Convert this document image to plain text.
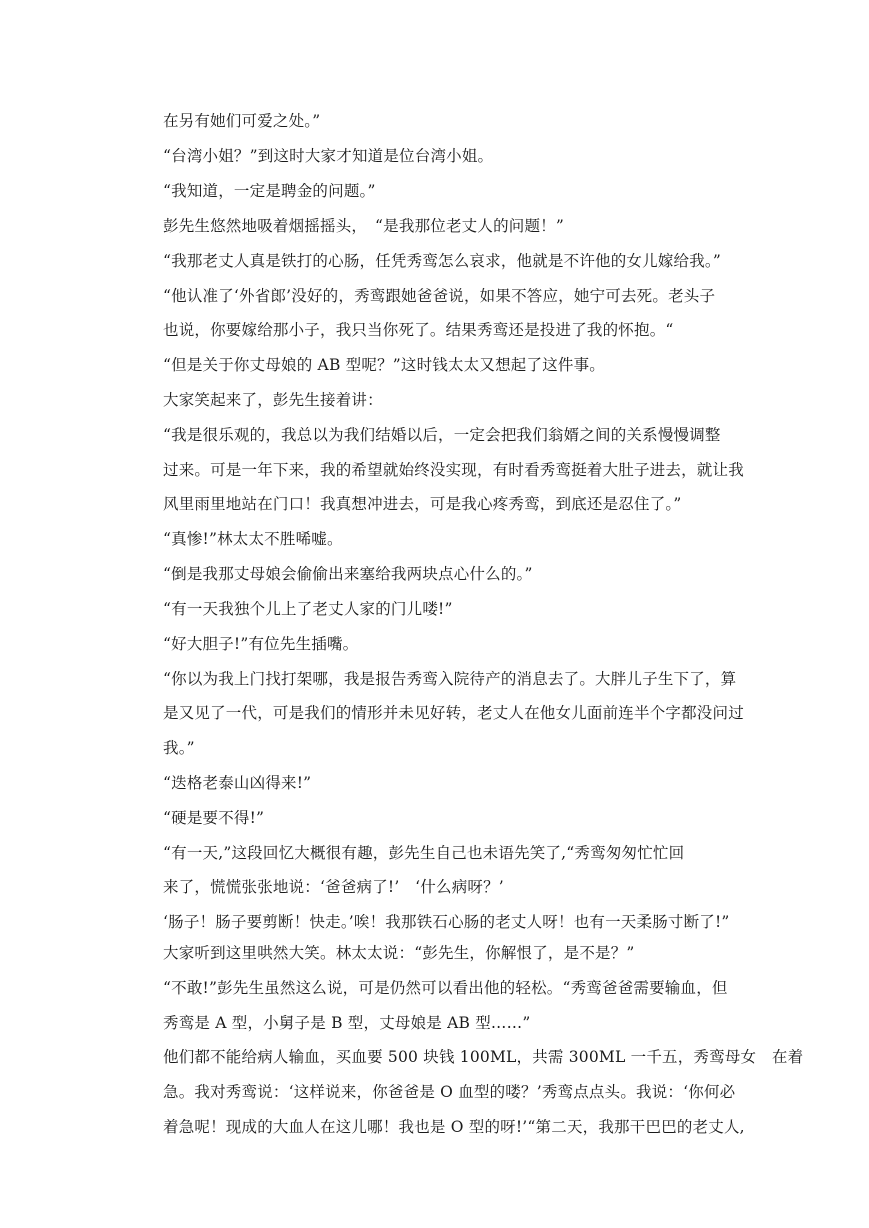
在另有她们可爱之处。”
“台湾小姐？”到这时大家才知道是位台湾小姐。
“我知道，一定是聘金的问题。”
彭先生悠然地吸着烟摇摇头，　“是我那位老丈人的问题！”
“我那老丈人真是铁打的心肠，任凭秀鸾怎么哀求，他就是不许他的女儿嫁给我。”
“他认准了‘外省郎’没好的，秀鸾跟她爸爸说，如果不答应，她宁可去死。老头子
也说，你要嫁给那小子，我只当你死了。结果秀鸾还是投进了我的怀抱。“
“但是关于你丈母娘的 AB 型呢？”这时钱太太又想起了这件事。
大家笑起来了，彭先生接着讲：
“我是很乐观的，我总以为我们结婚以后，一定会把我们翁婿之间的关系慢慢调整
过来。可是一年下来，我的希望就始终没实现，有时看秀鸾挺着大肚子进去，就让我
风里雨里地站在门口！我真想冲进去，可是我心疼秀鸾，到底还是忍住了。”
“真惨!”林太太不胜唏嘘。
“倒是我那丈母娘会偷偷出来塞给我两块点心什么的。”
“有一天我独个儿上了老丈人家的门儿喽!”
“好大胆子!”有位先生插嘴。
“你以为我上门找打架哪，我是报告秀鸾入院待产的消息去了。大胖儿子生下了，算
是又见了一代，可是我们的情形并未见好转，老丈人在他女儿面前连半个字都没问过
我。”
“迭格老泰山凶得来!”
“硬是要不得!”
“有一天,”这段回忆大概很有趣，彭先生自己也未语先笑了,“秀鸾匆匆忙忙回
来了，慌慌张张地说：‘爸爸病了!’　‘什么病呀？’
‘肠子！肠子要剪断！快走。’唉！我那铁石心肠的老丈人呀！也有一天柔肠寸断了!”
大家听到这里哄然大笑。林太太说：“彭先生，你解恨了，是不是？”
“不敢!”彭先生虽然这么说，可是仍然可以看出他的轻松。“秀鸾爸爸需要输血，但
秀鸾是 A 型，小舅子是 B 型，丈母娘是 AB 型……”
他们都不能给病人输血，买血要 500 块钱 100ML，共需 300ML 一千五，秀鸾母女　在着
急。我对秀鸾说：‘这样说来，你爸爸是 O 血型的喽？’秀鸾点点头。我说：‘你何必
着急呢！现成的大血人在这儿哪！我也是 O 型的呀!’“第二天，我那干巴巴的老丈人,
